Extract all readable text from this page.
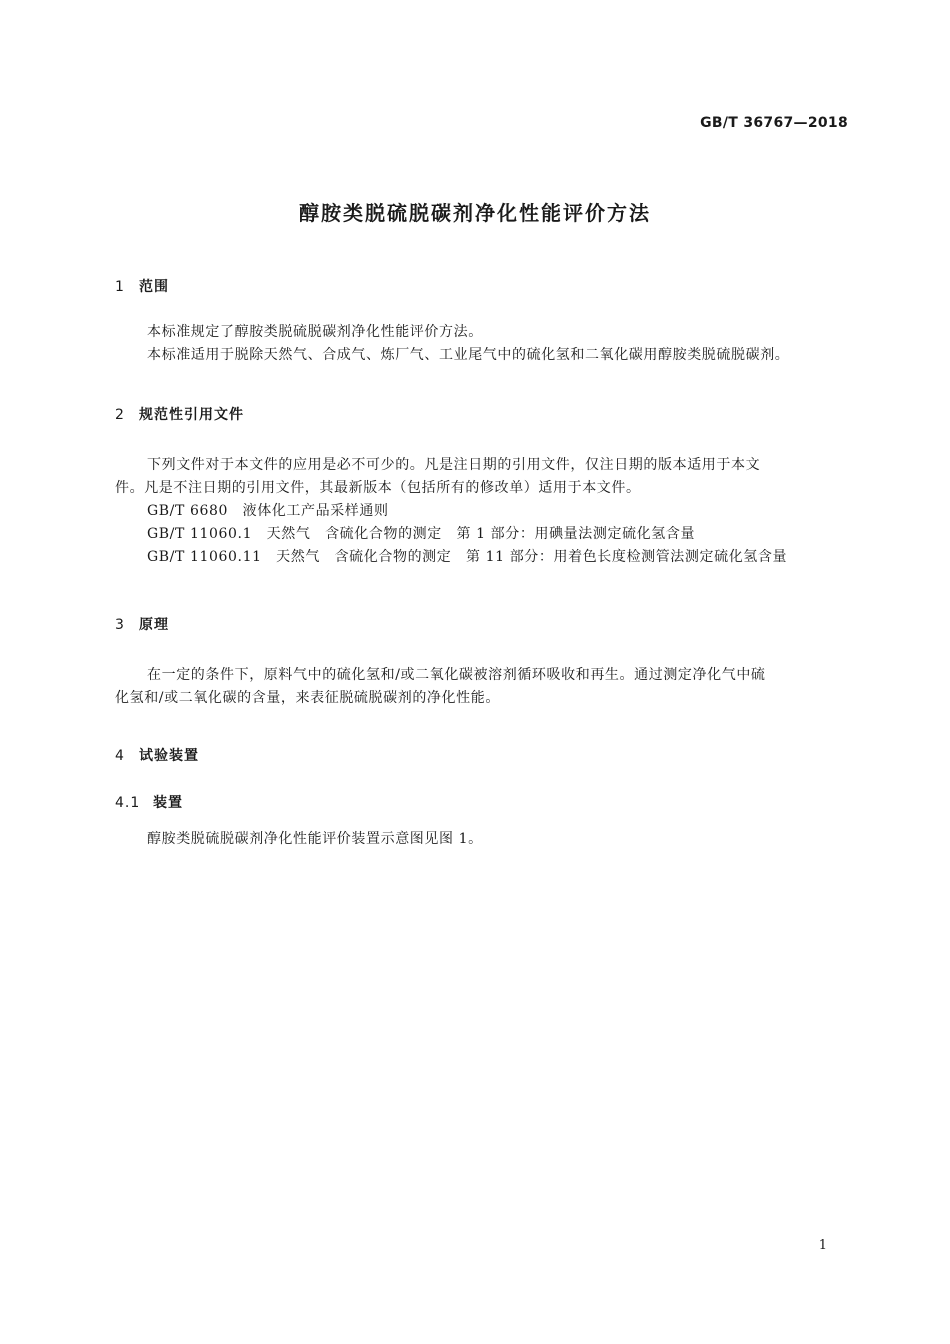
GB/T 36767—2018
醇胺类脱硫脱碳剂净化性能评价方法
1 范围
本标准规定了醇胺类脱硫脱碳剂净化性能评价方法。
本标准适用于脱除天然气、合成气、炼厂气、工业尾气中的硫化氢和二氧化碳用醇胺类脱硫脱碳剂。
2 规范性引用文件
下列文件对于本文件的应用是必不可少的。凡是注日期的引用文件，仅注日期的版本适用于本文
件。凡是不注日期的引用文件，其最新版本（包括所有的修改单）适用于本文件。
GB/T 6680　液体化工产品采样通则
GB/T 11060.1　天然气　含硫化合物的测定　第 1 部分：用碘量法测定硫化氢含量
GB/T 11060.11　天然气　含硫化合物的测定　第 11 部分：用着色长度检测管法测定硫化氢含量
3 原理
在一定的条件下，原料气中的硫化氢和/或二氧化碳被溶剂循环吸收和再生。通过测定净化气中硫
化氢和/或二氧化碳的含量，来表征脱硫脱碳剂的净化性能。
4 试验装置
4.1 装置
醇胺类脱硫脱碳剂净化性能评价装置示意图见图 1。
1
